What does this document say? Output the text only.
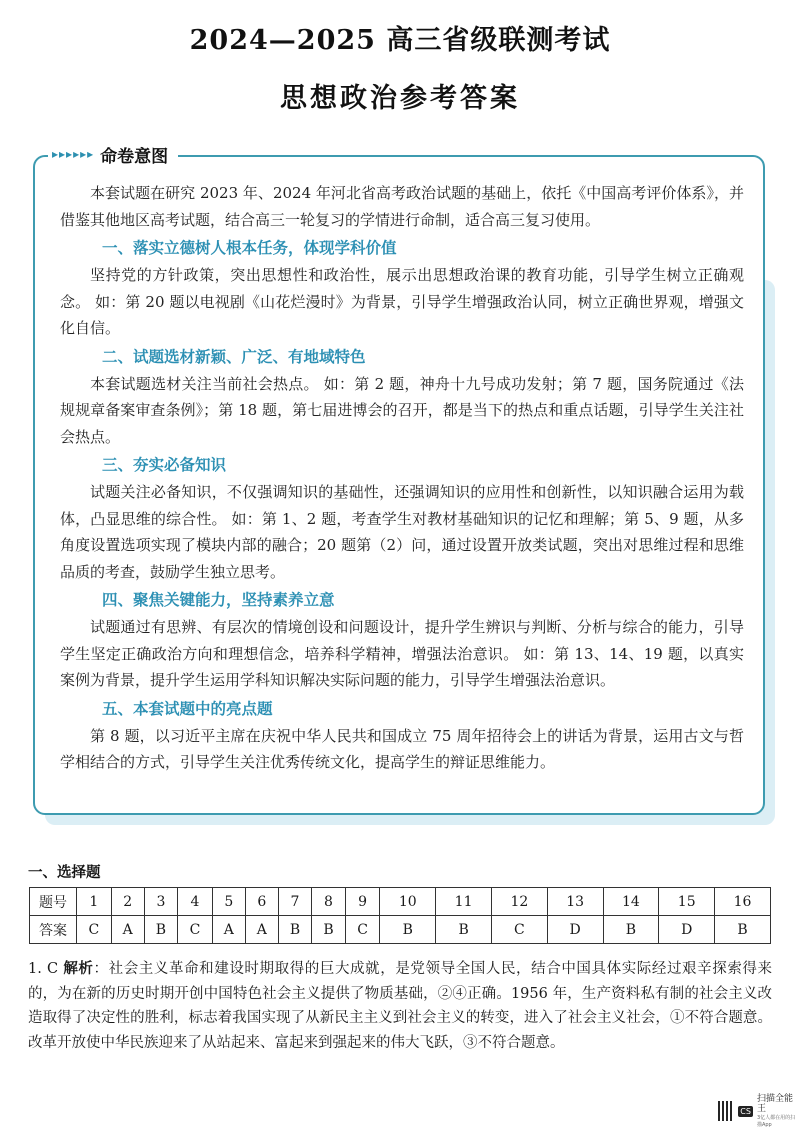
2024—2025 高三省级联测考试
思想政治参考答案
▸▸▸▸▸▸ 命卷意图

本套试题在研究 2023 年、2024 年河北省高考政治试题的基础上，依托《中国高考评价体系》，并借鉴其他地区高考试题，结合高三一轮复习的学情进行命制，适合高三复习使用。

一、落实立德树人根本任务，体现学科价值

坚持党的方针政策，突出思想性和政治性，展示出思想政治课的教育功能，引导学生树立正确观念。 如：第 20 题以电视剧《山花烂漫时》为背景，引导学生增强政治认同，树立正确世界观，增强文化自信。

二、试题选材新颖、广泛、有地域特色

本套试题选材关注当前社会热点。 如：第 2 题，神舟十九号成功发射；第 7 题，国务院通过《法规规章备案审查条例》；第 18 题，第七届进博会的召开，都是当下的热点和重点话题，引导学生关注社会热点。

三、夯实必备知识

试题关注必备知识，不仅强调知识的基础性，还强调知识的应用性和创新性，以知识融合运用为载体，凸显思维的综合性。 如：第 1、2 题，考查学生对教材基础知识的记忆和理解；第 5、9 题，从多角度设置选项实现了模块内部的融合；20 题第（2）问，通过设置开放类试题，突出对思维过程和思维品质的考查，鼓励学生独立思考。

四、聚焦关键能力，坚持素养立意

试题通过有思辨、有层次的情境创设和问题设计，提升学生辨识与判断、分析与综合的能力，引导学生坚定正确政治方向和理想信念，培养科学精神，增强法治意识。 如：第 13、14、19 题，以真实案例为背景，提升学生运用学科知识解决实际问题的能力，引导学生增强法治意识。

五、本套试题中的亮点题

第 8 题，以习近平主席在庆祝中华人民共和国成立 75 周年招待会上的讲话为背景，运用古文与哲学相结合的方式，引导学生关注优秀传统文化，提高学生的辩证思维能力。

一、选择题
题号	1	2	3	4	5	6	7	8	9	10	11	12	13	14	15	16
答案	C	A	B	C	A	A	B	B	C	B	B	C	D	B	D	B
1. C 解析：社会主义革命和建设时期取得的巨大成就，是党领导全国人民，结合中国具体实际经过艰辛探索得来的，为在新的历史时期开创中国特色社会主义提供了物质基础，②④正确。1956 年，生产资料私有制的社会主义改造取得了决定性的胜利，标志着我国实现了从新民主主义到社会主义的转变，进入了社会主义社会，①不符合题意。改革开放使中华民族迎来了从站起来、富起来到强起来的伟大飞跃，③不符合题意。
CS
扫描全能王
3亿人都在用的扫描App
